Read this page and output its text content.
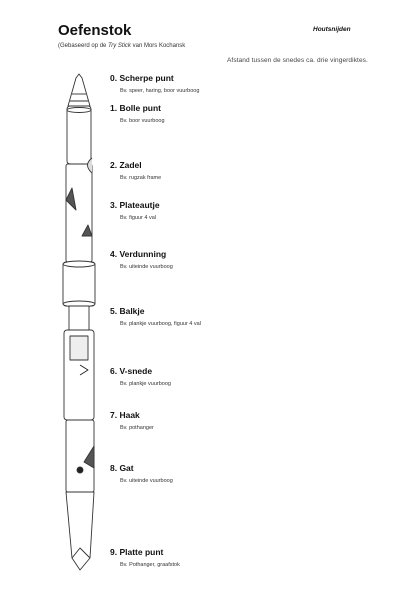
Oefenstok
(Gebaseerd op de Try Stick van Mors Kochansk
Houtsnijden
Afstand tussen de snedes ca. drie vingerdiktes.
0. Scherpe punt
Bv. speer, haring, boor vuurboog
1. Bolle punt
Bv. boor vuurboog
2. Zadel
Bv. rugzak frame
3. Plateautje
Bv. figuur 4 val
4. Verdunning
Bv. uiteinde vuurboog
5. Balkje
Bv. plankje vuurboog, figuur 4 val
6. V-snede
Bv. plankje vuurboog
7. Haak
Bv. pothanger
8. Gat
Bv. uiteinde vuurboog
9. Platte punt
Bv. Pothanger, graafstok
